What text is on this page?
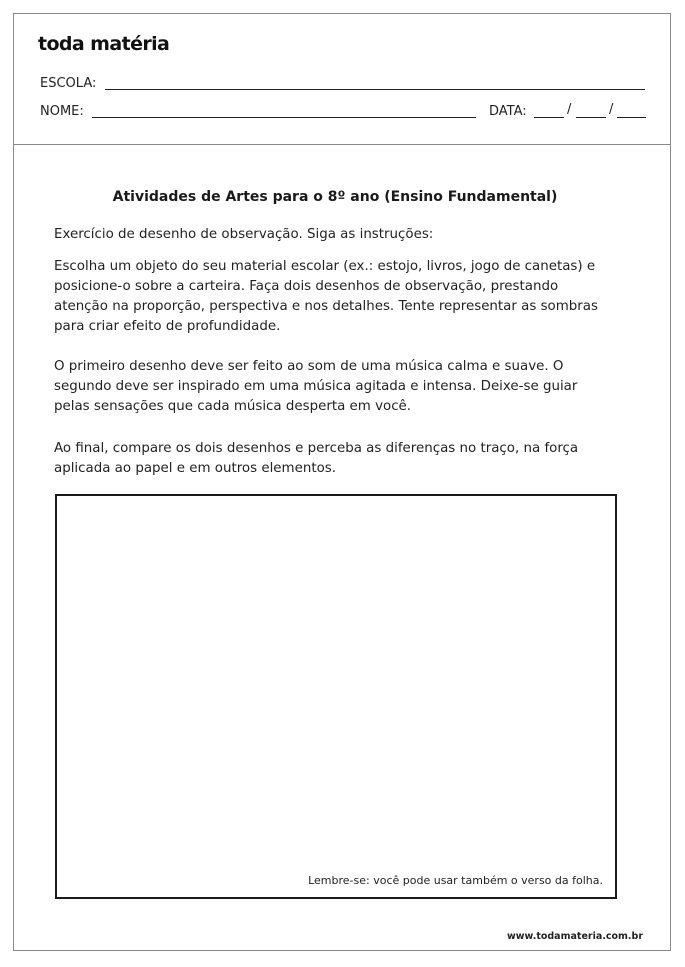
toda matéria
ESCOLA:
NOME:	DATA:	/	/
Atividades de Artes para o 8º ano (Ensino Fundamental)
Exercício de desenho de observação. Siga as instruções:
Escolha um objeto do seu material escolar (ex.: estojo, livros, jogo de canetas) e posicione-o sobre a carteira. Faça dois desenhos de observação, prestando atenção na proporção, perspectiva e nos detalhes. Tente representar as sombras para criar efeito de profundidade.
O primeiro desenho deve ser feito ao som de uma música calma e suave. O segundo deve ser inspirado em uma música agitada e intensa. Deixe-se guiar pelas sensações que cada música desperta em você.
Ao final, compare os dois desenhos e perceba as diferenças no traço, na força aplicada ao papel e em outros elementos.
Lembre-se: você pode usar também o verso da folha.
www.todamateria.com.br
